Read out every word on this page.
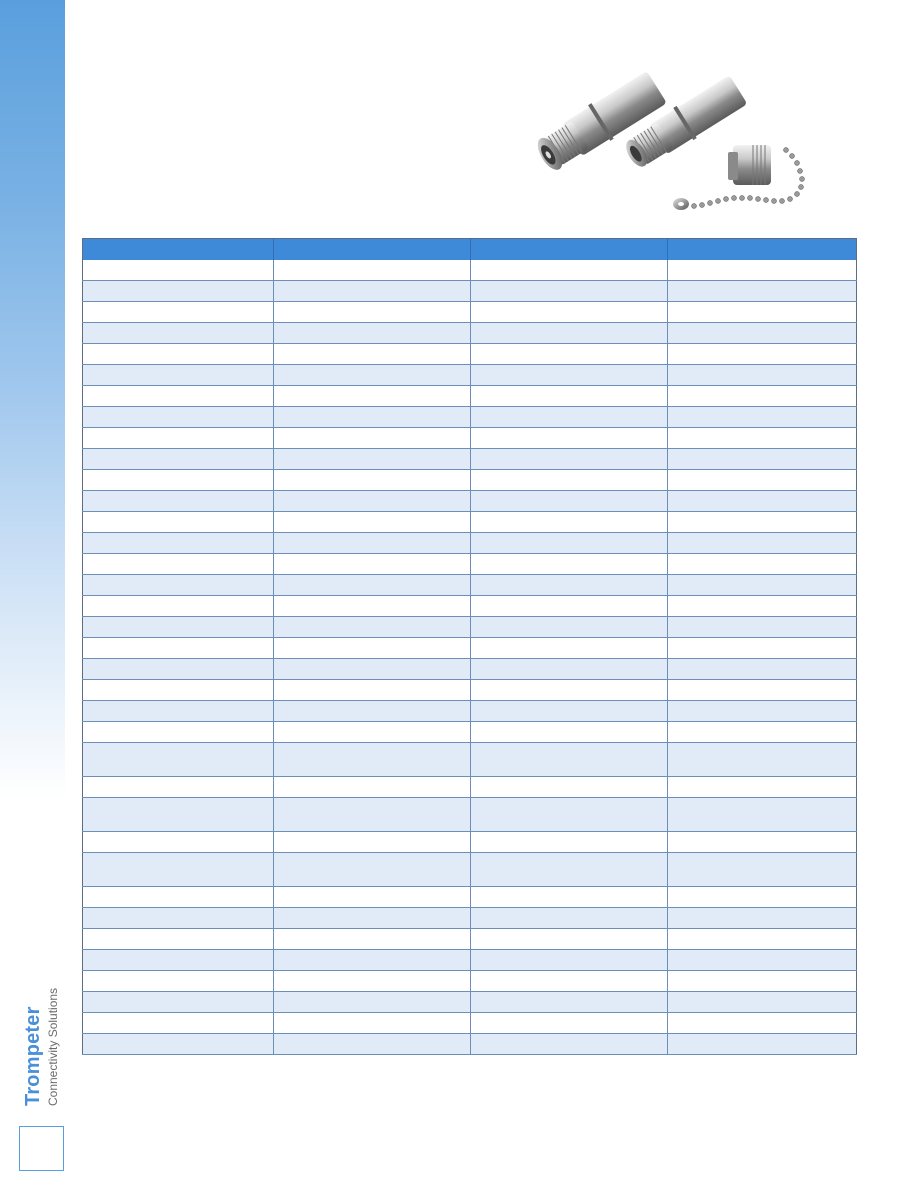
Trompeter Connectivity Solutions
